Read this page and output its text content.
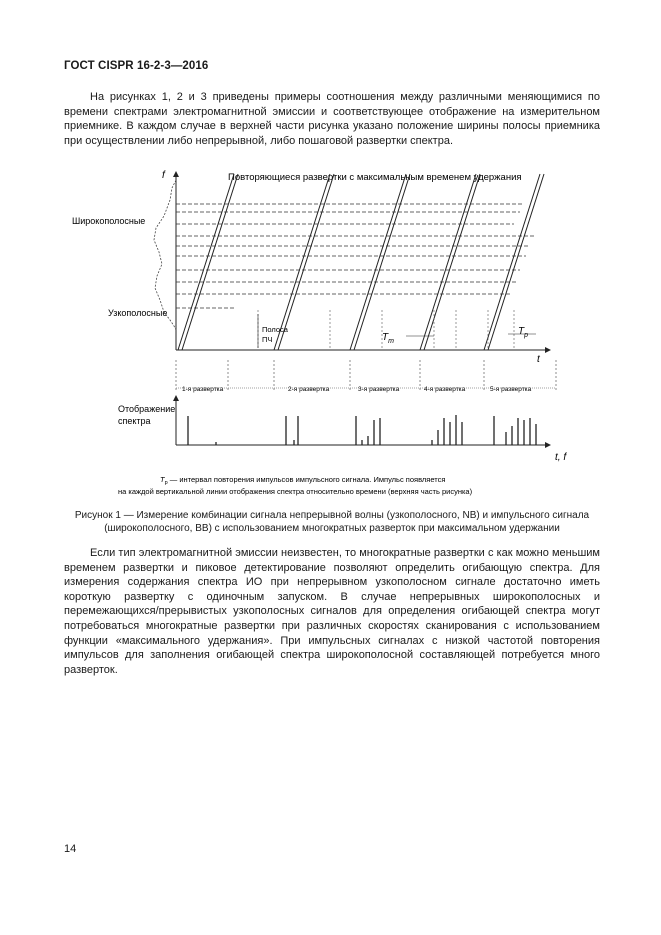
ГОСТ CISPR 16-2-3—2016

На рисунках 1, 2 и 3 приведены примеры соотношения между различными меняющимися по времени спектрами электромагнитной эмиссии и соответствующее отображение на измерительном приемнике. В каждом случае в верхней части рисунка указано положение ширины полосы приемника при осуществлении либо непрерывной, либо пошаговой развертки спектра.

Повторяющиеся развертки с максимальным временем удержания
f
t
Широкополосные
Узкополосные
Полоса
ПЧ	$T_m$
$T_p$
1-я развертка	2-я развертка	3-я развертка	4-я развертка	5-я развертка
t, f
Отображение
спектра
$T_p$ — интервал повторения импульсов импульсного сигнала. Импульс появляется
на каждой вертикальной линии отображения спектра относительно времени (верхняя часть рисунка)
Рисунок 1 — Измерение комбинации сигнала непрерывной волны (узкополосного, NB) и импульсного сигнала (широкополосного, BB) с использованием многократных разверток при максимальном удержании

Если тип электромагнитной эмиссии неизвестен, то многократные развертки с как можно меньшим временем развертки и пиковое детектирование позволяют определить огибающую спектра. Для измерения содержания спектра ИО при непрерывном узкополосном сигнале достаточно иметь короткую развертку с одиночным запуском. В случае непрерывных широкополосных и перемежающихся/прерывистых узкополосных сигналов для определения огибающей спектра могут потребоваться многократные развертки при различных скоростях сканирования с использованием функции «максимального удержания». При импульсных сигналах с низкой частотой повторения импульсов для заполнения огибающей спектра широкополосной составляющей потребуется много разверток.

14
